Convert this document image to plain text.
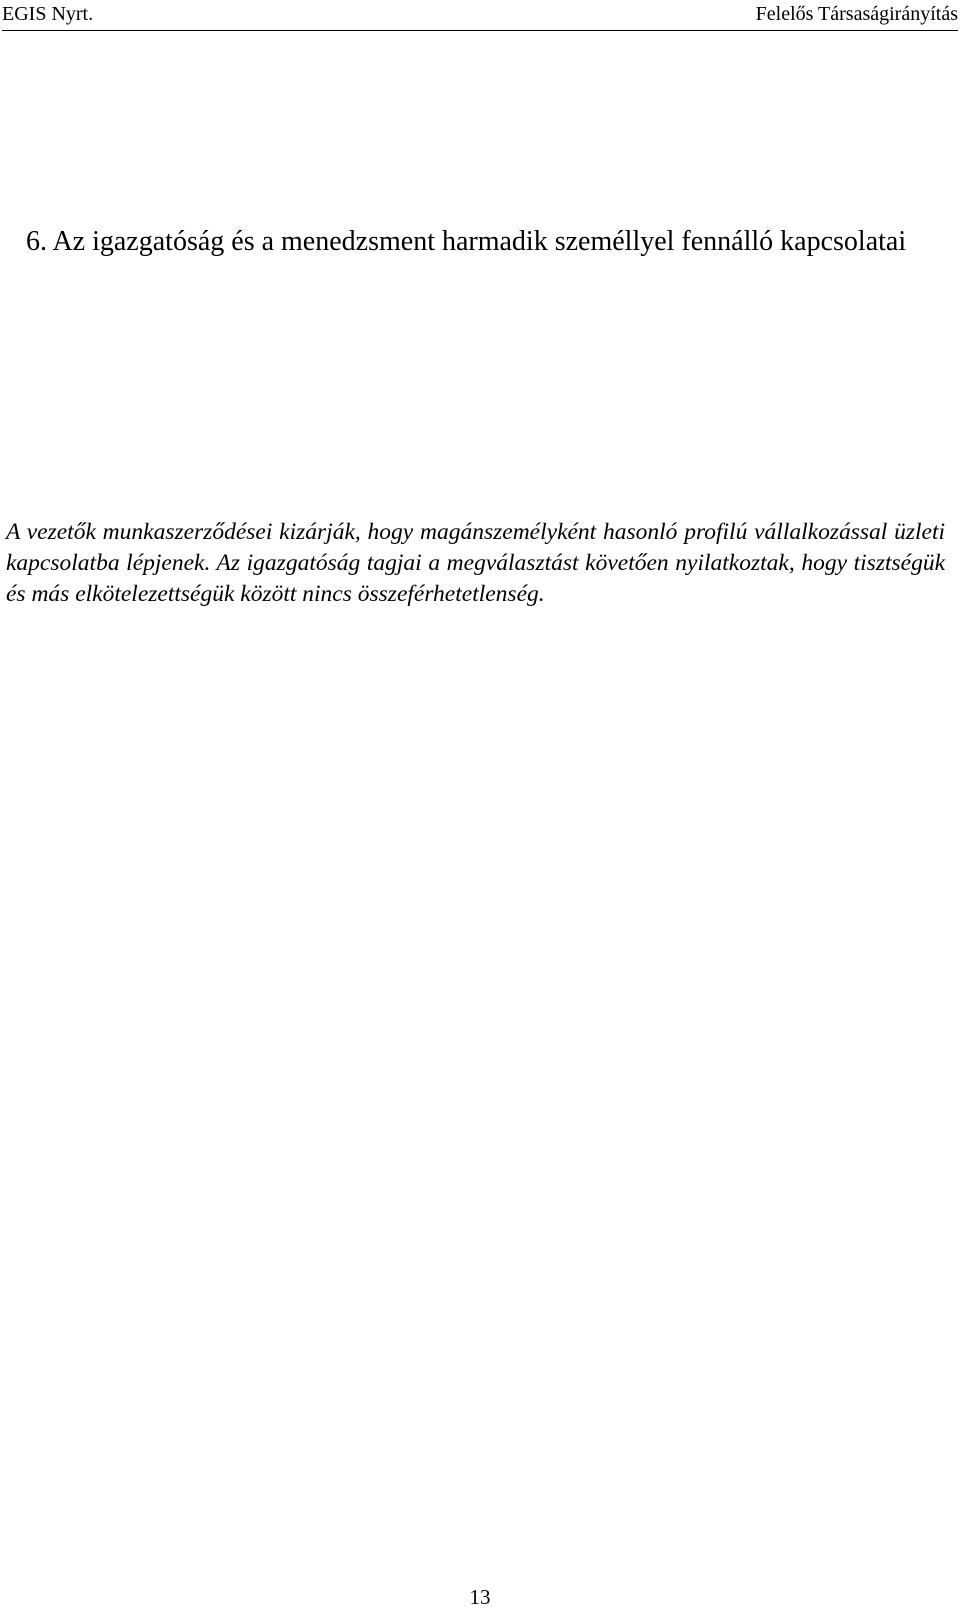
EGIS Nyrt.	Felelős Társaságirányítás
6. Az igazgatóság és a menedzsment harmadik személlyel fennálló kapcsolatai

A vezetők munkaszerződései kizárják, hogy magánszemélyként hasonló profilú vállalkozással üzleti kapcsolatba lépjenek. Az igazgatóság tagjai a megválasztást követően nyilatkoztak, hogy tisztségük és más elkötelezettségük között nincs összeférhetetlenség.

13
